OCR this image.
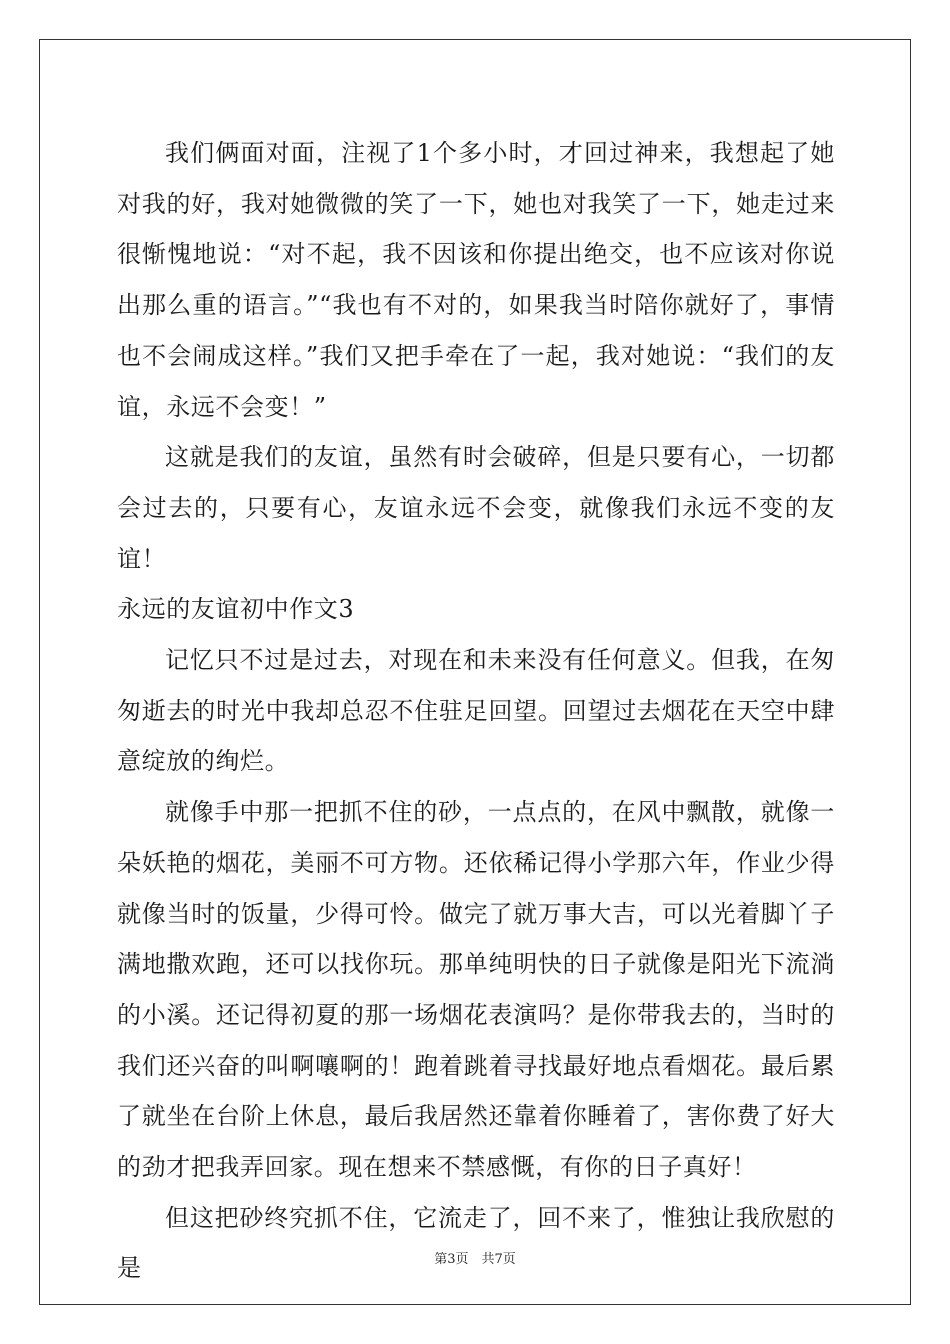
我们俩面对面，注视了1个多小时，才回过神来，我想起了她对我的好，我对她微微的笑了一下，她也对我笑了一下，她走过来很惭愧地说：“对不起，我不因该和你提出绝交，也不应该对你说出那么重的语言。”“我也有不对的，如果我当时陪你就好了，事情也不会闹成这样。”我们又把手牵在了一起，我对她说：“我们的友谊，永远不会变！”

这就是我们的友谊，虽然有时会破碎，但是只要有心，一切都会过去的，只要有心，友谊永远不会变，就像我们永远不变的友谊！

永远的友谊初中作文3

记忆只不过是过去，对现在和未来没有任何意义。但我，在匆匆逝去的时光中我却总忍不住驻足回望。回望过去烟花在天空中肆意绽放的绚烂。

就像手中那一把抓不住的砂，一点点的，在风中飘散，就像一朵妖艳的烟花，美丽不可方物。还依稀记得小学那六年，作业少得就像当时的饭量，少得可怜。做完了就万事大吉，可以光着脚丫子满地撒欢跑，还可以找你玩。那单纯明快的日子就像是阳光下流淌的小溪。还记得初夏的那一场烟花表演吗？是你带我去的，当时的我们还兴奋的叫啊嚷啊的！跑着跳着寻找最好地点看烟花。最后累了就坐在台阶上休息，最后我居然还靠着你睡着了，害你费了好大的劲才把我弄回家。现在想来不禁感慨，有你的日子真好！

但这把砂终究抓不住，它流走了，回不来了，惟独让我欣慰的是	第3页　共7页
